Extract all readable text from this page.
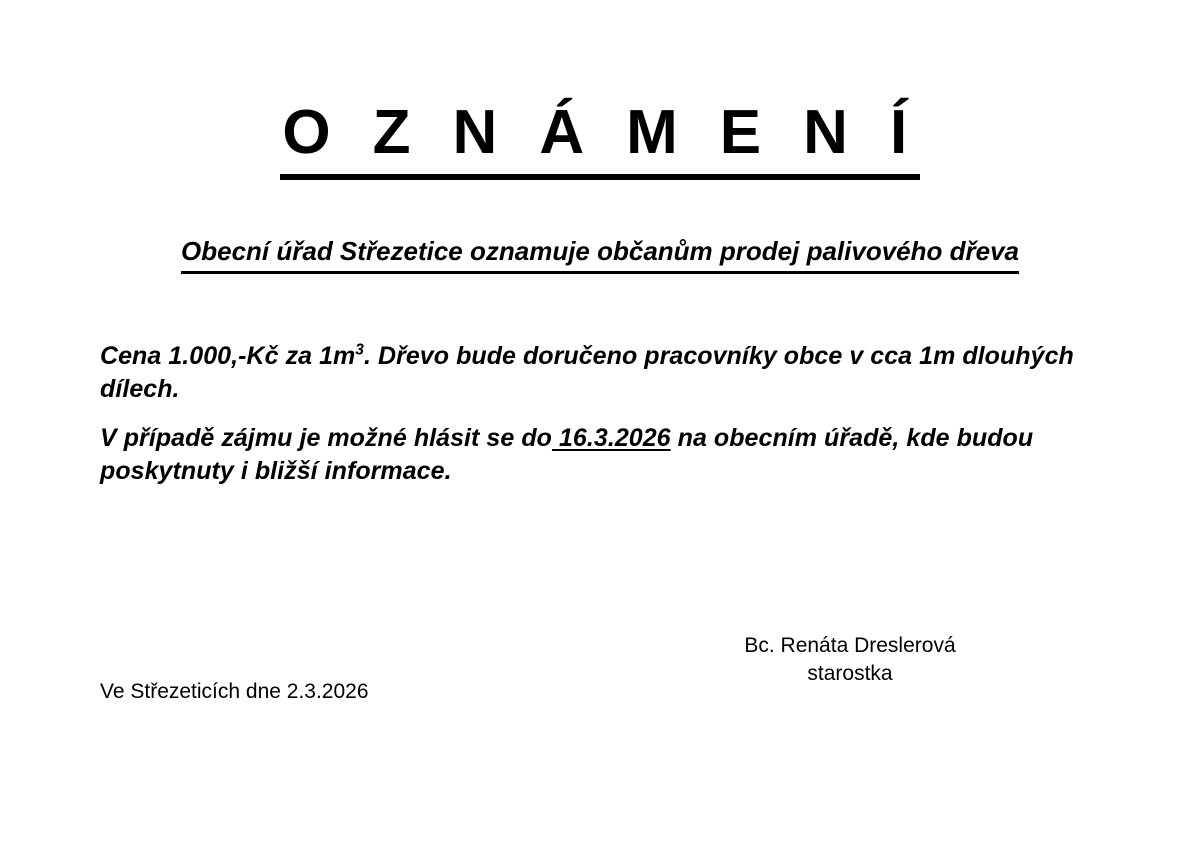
O Z N Á M E N Í
Obecní úřad Střezetice oznamuje občanům prodej palivového dřeva

Cena 1.000,-Kč za $1m^3$. Dřevo bude doručeno pracovníky obce v cca 1m dlouhých dílech.

V případě zájmu je možné hlásit se do 16.3.2026 na obecním úřadě, kde budou poskytnuty i bližší informace.

Bc. Renáta Dreslerová

starostka

Ve Střezeticích dne 2.3.2026
